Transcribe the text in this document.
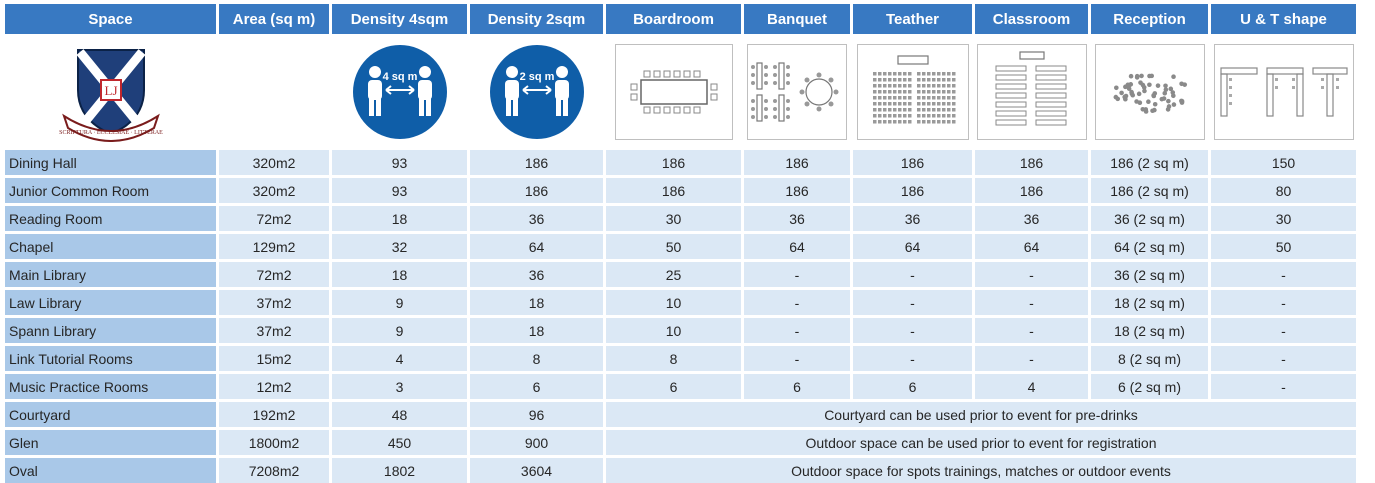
Space	Area (sq m)	Density 4sqm	Density 2sqm	Boardroom	Banquet	Teather	Classroom	Reception	U & T shape
LJ
SCRIPTURA · ECCLESIAE · LITTERAE
4 sq m	2 sq m
Dining Hall	320m2	93	186	186	186	186	186	186 (2 sq m)	150
Junior Common Room	320m2	93	186	186	186	186	186	186 (2 sq m)	80
Reading Room	72m2	18	36	30	36	36	36	36 (2 sq m)	30
Chapel	129m2	32	64	50	64	64	64	64 (2 sq m)	50
Main Library	72m2	18	36	25	-	-	-	36 (2 sq m)	-
Law Library	37m2	9	18	10	-	-	-	18 (2 sq m)	-
Spann Library	37m2	9	18	10	-	-	-	18 (2 sq m)	-
Link Tutorial Rooms	15m2	4	8	8	-	-	-	8 (2 sq m)	-
Music Practice Rooms	12m2	3	6	6	6	6	4	6 (2 sq m)	-
Courtyard	192m2	48	96	Courtyard can be used prior to event for pre-drinks
Glen	1800m2	450	900	Outdoor space can be used prior to event for registration
Oval	7208m2	1802	3604	Outdoor space for spots trainings, matches or outdoor events
